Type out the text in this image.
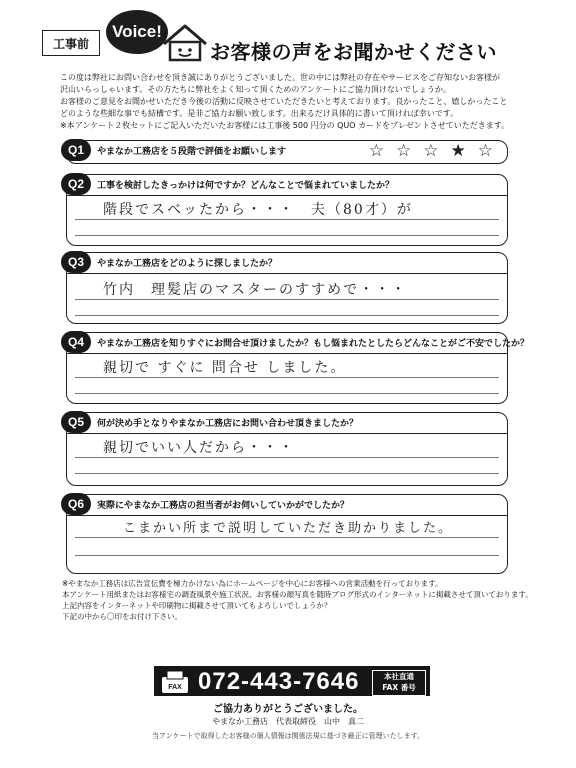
工事前
Voice!
お客様の声をお聞かせください

この度は弊社にお問い合わせを頂き誠にありがとうございました。世の中には弊社の存在やサービスをご存知ないお客様が

沢山いらっしゃいます。その方たちに弊社をよく知って頂くためのアンケートにご協力頂けないでしょうか。

お客様のご意見をお聞かせいただき今後の活動に反映させていただきたいと考えております。良かったこと、嬉しかったこと

どのような些細な事でも結構です。是非ご協力お願い致します。出来るだけ具体的に書いて頂ければ幸いです。

※本アンケート２枚セットにご記入いただいたお客様には工事後 500 円分の QUO カードをプレゼントさせていただきます。

Q1	やまなか工務店を５段階で評価をお願いします	☆ ☆ ☆ ★ ☆
Q2	工事を検討したきっかけは何ですか？どんなことで悩まれていましたか？
階段でスベッたから・・・　夫（80才）が
Q3	やまなか工務店をどのように探しましたか？
竹内　理髪店のマスターのすすめで・・・
Q4	やまなか工務店を知りすぐにお問合せ頂けましたか？もし悩まれたとしたらどんなことがご不安でしたか？
親切で すぐに 問合せ しました。
Q5	何が決め手となりやまなか工務店にお問い合わせ頂きましたか？
親切でいい人だから・・・
Q6	実際にやまなか工務店の担当者がお伺いしていかがでしたか？
こまかい所まで説明していただき助かりました。

※やまなか工務店は広告宣伝費を極力かけない為にホームページを中心にお客様への営業活動を行っております。

本アンケート用紙またはお客様宅の調査風景や施工状況、お客様の顔写真を随時ブログ形式のインターネットに掲載させて頂いております。

上記内容をインターネットや印刷物に掲載させて頂いてもよろしいでしょうか？

下記の中から〇印をお付け下さい。

FAX 072-443-7646	本社直通
FAX 番号
ご協力ありがとうございました。
やまなか工務店　代表取締役　山中　真二
当アンケートで取得したお客様の個人情報は関係法規に基づき厳正に管理いたします。
